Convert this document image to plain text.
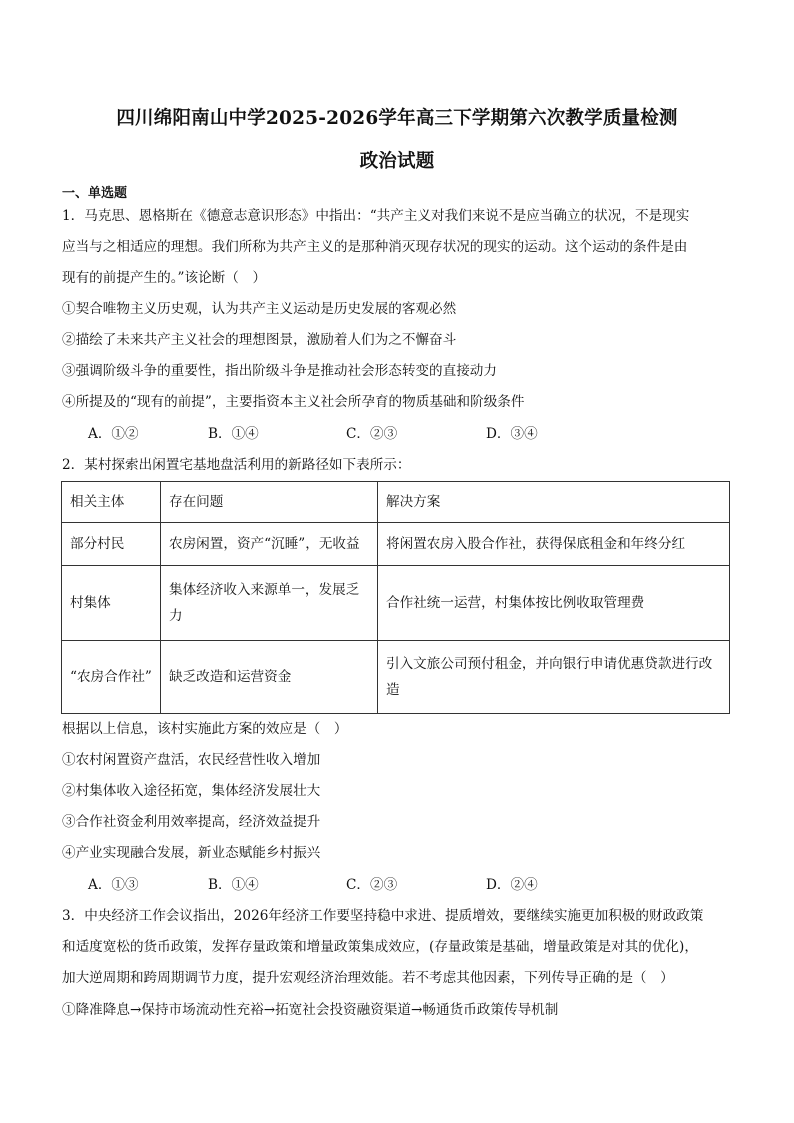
四川绵阳南山中学2025-2026学年高三下学期第六次教学质量检测
政治试题
一、单选题
1．马克思、恩格斯在《德意志意识形态》中指出：“共产主义对我们来说不是应当确立的状况，不是现实
应当与之相适应的理想。我们所称为共产主义的是那种消灭现存状况的现实的运动。这个运动的条件是由
现有的前提产生的。”该论断（　）
①契合唯物主义历史观，认为共产主义运动是历史发展的客观必然
②描绘了未来共产主义社会的理想图景，激励着人们为之不懈奋斗
③强调阶级斗争的重要性，指出阶级斗争是推动社会形态转变的直接动力
④所提及的“现有的前提”，主要指资本主义社会所孕育的物质基础和阶级条件
A．①②	B．①④	C．②③	D．③④
2．某村探索出闲置宅基地盘活利用的新路径如下表所示：
相关主体	存在问题	解决方案
部分村民	农房闲置，资产“沉睡”，无收益	将闲置农房入股合作社，获得保底租金和年终分红
村集体	集体经济收入来源单一，发展乏力	合作社统一运营，村集体按比例收取管理费
“农房合作社”	缺乏改造和运营资金	引入文旅公司预付租金，并向银行申请优惠贷款进行改造
根据以上信息，该村实施此方案的效应是（　）
①农村闲置资产盘活，农民经营性收入增加
②村集体收入途径拓宽，集体经济发展壮大
③合作社资金利用效率提高，经济效益提升
④产业实现融合发展，新业态赋能乡村振兴
A．①③	B．①④	C．②③	D．②④
3．中央经济工作会议指出，2026年经济工作要坚持稳中求进、提质增效，要继续实施更加积极的财政政策
和适度宽松的货币政策，发挥存量政策和增量政策集成效应，(存量政策是基础，增量政策是对其的优化)，
加大逆周期和跨周期调节力度，提升宏观经济治理效能。若不考虑其他因素，下列传导正确的是（　）
①降准降息→保持市场流动性充裕→拓宽社会投资融资渠道→畅通货币政策传导机制
